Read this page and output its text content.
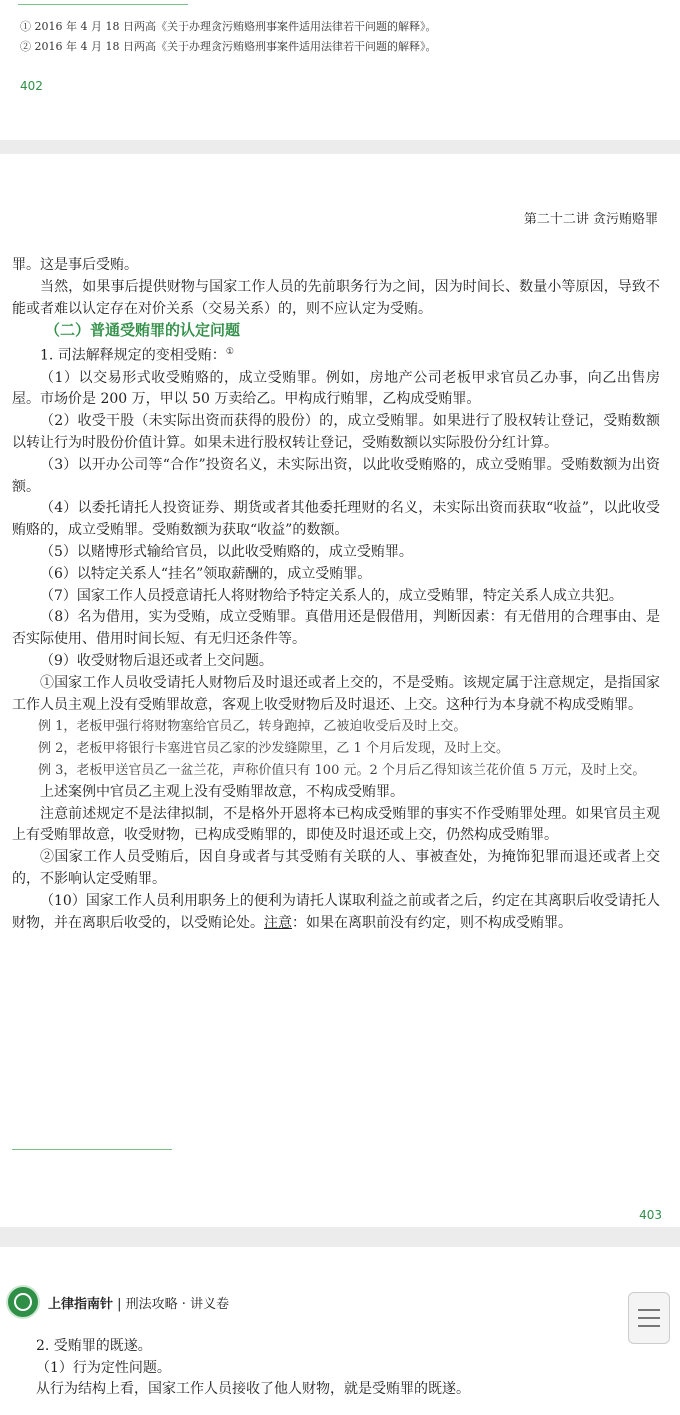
① 2016 年 4 月 18 日两高《关于办理贪污贿赂刑事案件适用法律若干问题的解释》。
② 2016 年 4 月 18 日两高《关于办理贪污贿赂刑事案件适用法律若干问题的解释》。
402
第二十二讲 贪污贿赂罪

罪。这是事后受贿。

当然，如果事后提供财物与国家工作人员的先前职务行为之间，因为时间长、数量小等原因，导致不能或者难以认定存在对价关系（交易关系）的，则不应认定为受贿。

（二）普通受贿罪的认定问题

1. 司法解释规定的变相受贿：①

（1）以交易形式收受贿赂的，成立受贿罪。例如，房地产公司老板甲求官员乙办事，向乙出售房屋。市场价是 200 万，甲以 50 万卖给乙。甲构成行贿罪，乙构成受贿罪。

（2）收受干股（未实际出资而获得的股份）的，成立受贿罪。如果进行了股权转让登记，受贿数额以转让行为时股份价值计算。如果未进行股权转让登记，受贿数额以实际股份分红计算。

（3）以开办公司等“合作”投资名义，未实际出资，以此收受贿赂的，成立受贿罪。受贿数额为出资额。

（4）以委托请托人投资证券、期货或者其他委托理财的名义，未实际出资而获取“收益”，以此收受贿赂的，成立受贿罪。受贿数额为获取“收益”的数额。

（5）以赌博形式输给官员，以此收受贿赂的，成立受贿罪。

（6）以特定关系人“挂名”领取薪酬的，成立受贿罪。

（7）国家工作人员授意请托人将财物给予特定关系人的，成立受贿罪，特定关系人成立共犯。

（8）名为借用，实为受贿，成立受贿罪。真借用还是假借用，判断因素：有无借用的合理事由、是否实际使用、借用时间长短、有无归还条件等。

（9）收受财物后退还或者上交问题。

①国家工作人员收受请托人财物后及时退还或者上交的，不是受贿。该规定属于注意规定，是指国家工作人员主观上没有受贿罪故意，客观上收受财物后及时退还、上交。这种行为本身就不构成受贿罪。

例 1，老板甲强行将财物塞给官员乙，转身跑掉，乙被迫收受后及时上交。

例 2，老板甲将银行卡塞进官员乙家的沙发缝隙里，乙 1 个月后发现，及时上交。

例 3，老板甲送官员乙一盆兰花，声称价值只有 100 元。2 个月后乙得知该兰花价值 5 万元，及时上交。

上述案例中官员乙主观上没有受贿罪故意，不构成受贿罪。

注意前述规定不是法律拟制，不是格外开恩将本已构成受贿罪的事实不作受贿罪处理。如果官员主观上有受贿罪故意，收受财物，已构成受贿罪的，即使及时退还或上交，仍然构成受贿罪。

②国家工作人员受贿后，因自身或者与其受贿有关联的人、事被查处，为掩饰犯罪而退还或者上交的，不影响认定受贿罪。

（10）国家工作人员利用职务上的便利为请托人谋取利益之前或者之后，约定在其离职后收受请托人财物，并在离职后收受的，以受贿论处。注意：如果在离职前没有约定，则不构成受贿罪。

403
上律指南针 | 刑法攻略 · 讲义卷

2. 受贿罪的既遂。

（1）行为定性问题。

从行为结构上看，国家工作人员接收了他人财物，就是受贿罪的既遂。
